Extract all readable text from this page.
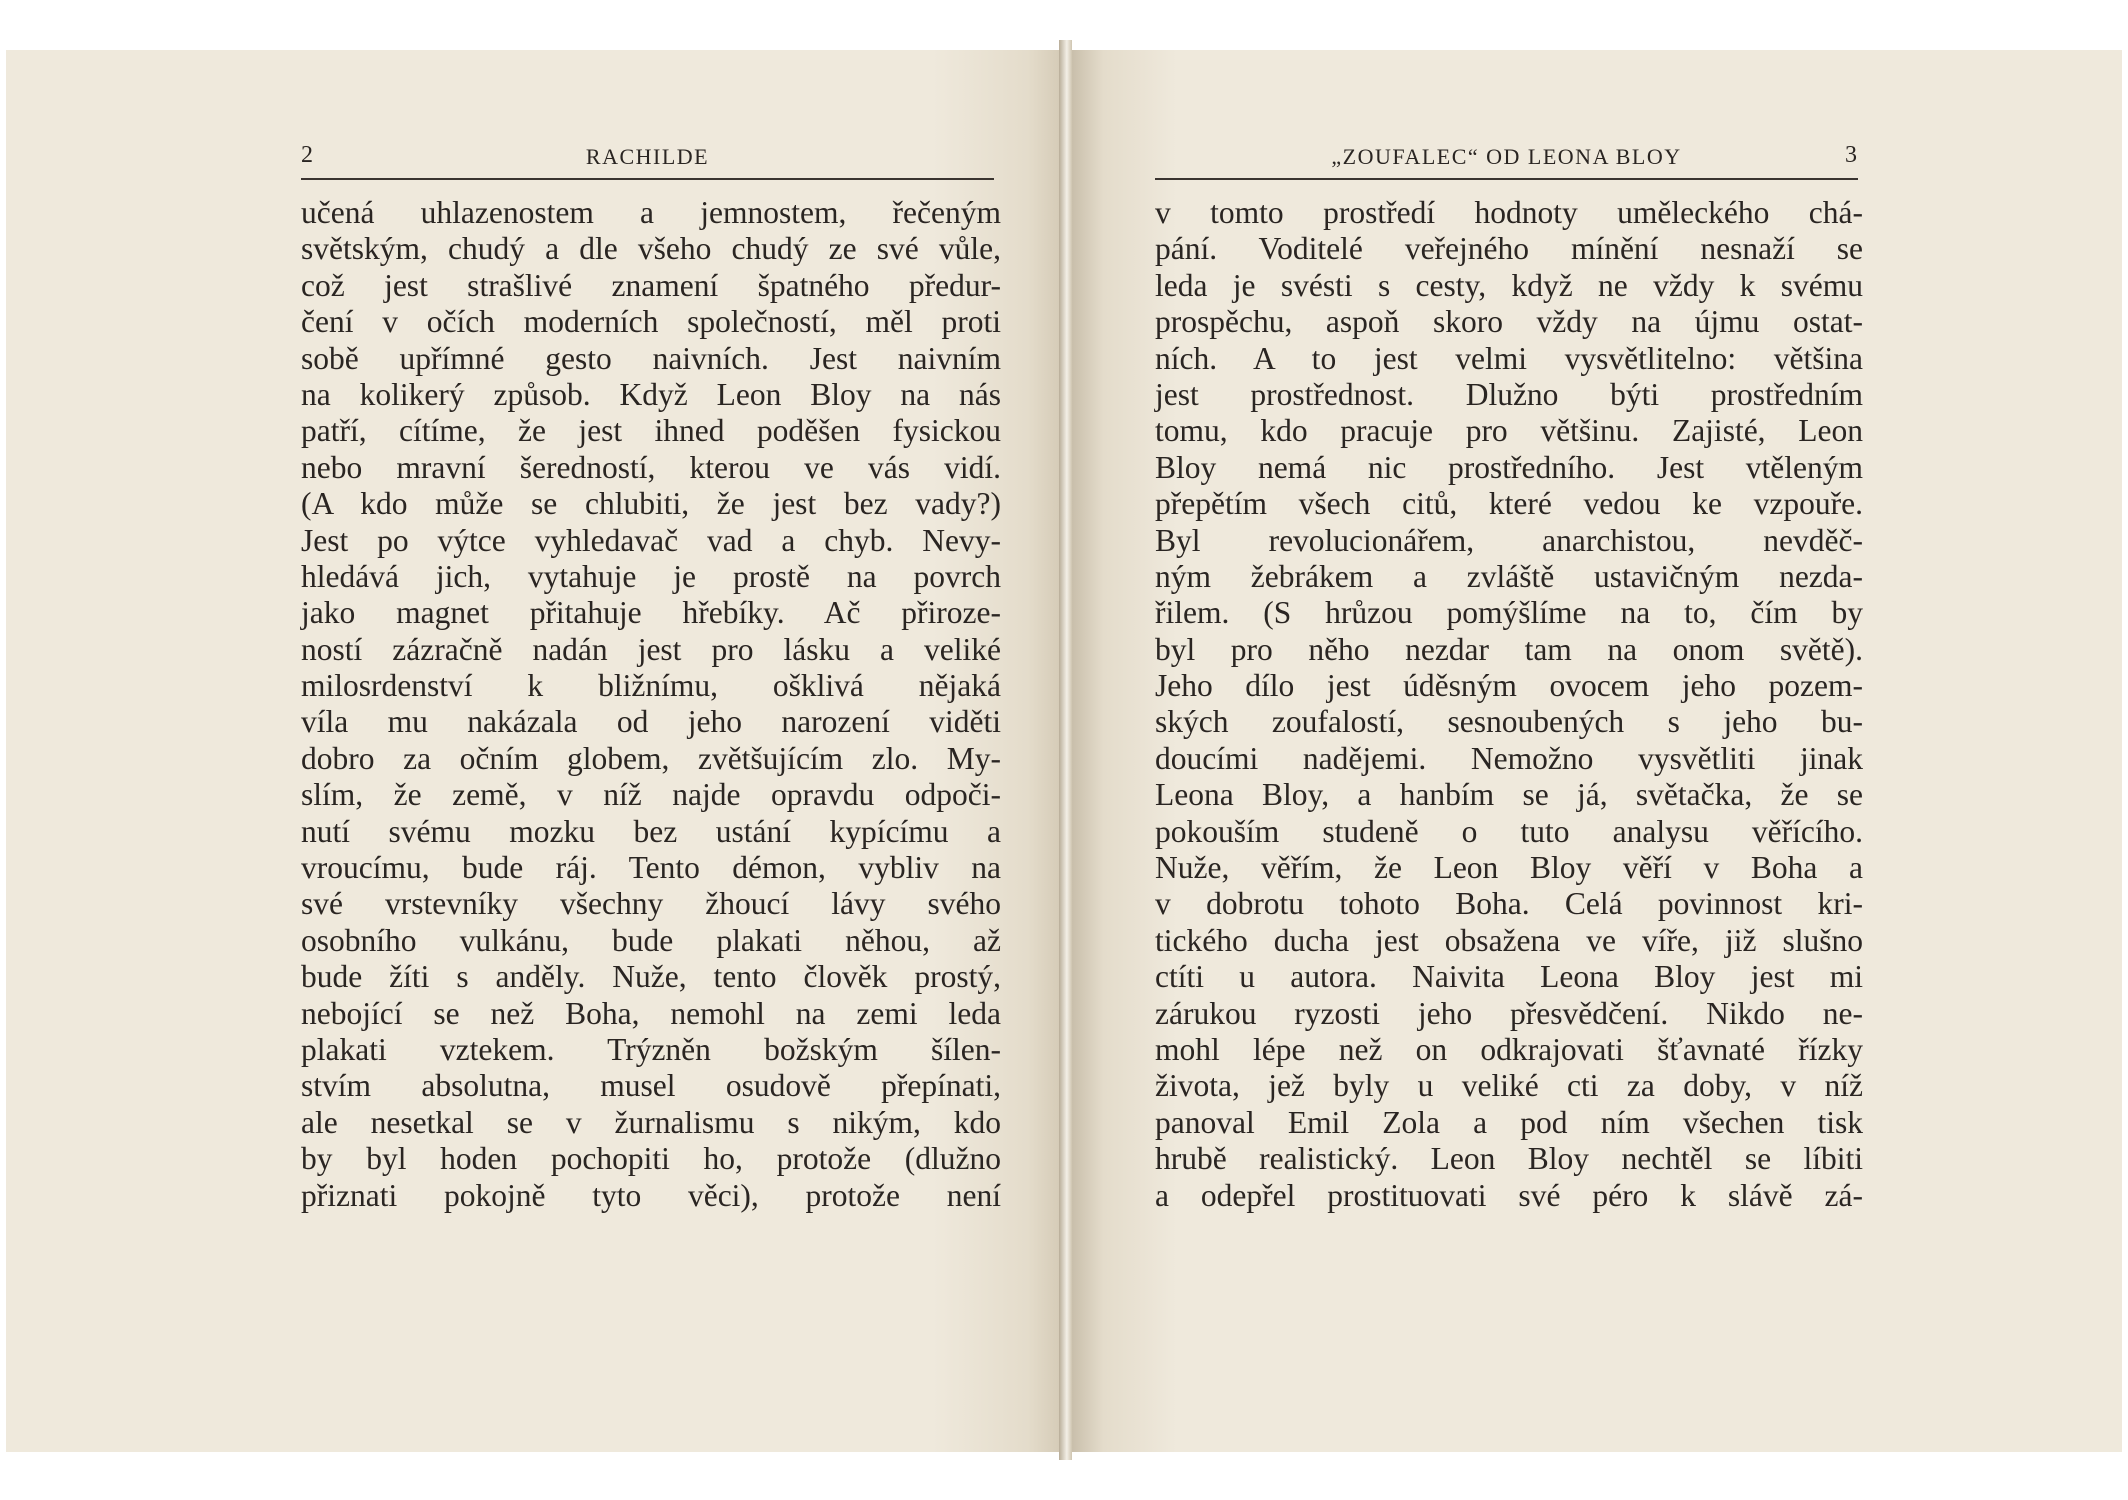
2	RACHILDE
učená uhlazenostem a jemnostem, řečeným
světským, chudý a dle všeho chudý ze své vůle,
což jest strašlivé znamení špatného předur-
čení v očích moderních společností, měl proti
sobě upřímné gesto naivních. Jest naivním
na kolikerý způsob. Když Leon Bloy na nás
patří, cítíme, že jest ihned poděšen fysickou
nebo mravní šeredností, kterou ve vás vidí.
(A kdo může se chlubiti, že jest bez vady?)
Jest po výtce vyhledavač vad a chyb. Nevy-
hledává jich, vytahuje je prostě na povrch
jako magnet přitahuje hřebíky. Ač přiroze-
ností zázračně nadán jest pro lásku a veliké
milosrdenství k bližnímu, ošklivá nějaká
víla mu nakázala od jeho narození viděti
dobro za očním globem, zvětšujícím zlo. My-
slím, že země, v níž najde opravdu odpoči-
nutí svému mozku bez ustání kypícímu a
vroucímu, bude ráj. Tento démon, vybliv na
své vrstevníky všechny žhoucí lávy svého
osobního vulkánu, bude plakati něhou, až
bude žíti s anděly. Nuže, tento člověk prostý,
nebojící se než Boha, nemohl na zemi leda
plakati vztekem. Trýzněn božským šílen-
stvím absolutna, musel osudově přepínati,
ale nesetkal se v žurnalismu s nikým, kdo
by byl hoden pochopiti ho, protože (dlužno
přiznati pokojně tyto věci), protože není
„ZOUFALEC“ OD LEONA BLOY	3
v tomto prostředí hodnoty uměleckého chá-
pání. Voditelé veřejného mínění nesnaží se
leda je svésti s cesty, když ne vždy k svému
prospěchu, aspoň skoro vždy na újmu ostat-
ních. A to jest velmi vysvětlitelno: většina
jest prostřednost. Dlužno býti prostředním
tomu, kdo pracuje pro většinu. Zajisté, Leon
Bloy nemá nic prostředního. Jest vtěleným
přepětím všech citů, které vedou ke vzpouře.
Byl revolucionářem, anarchistou, nevděč-
ným žebrákem a zvláště ustavičným nezda-
řilem. (S hrůzou pomýšlíme na to, čím by
byl pro něho nezdar tam na onom světě).
Jeho dílo jest úděsným ovocem jeho pozem-
ských zoufalostí, sesnoubených s jeho bu-
doucími nadějemi. Nemožno vysvětliti jinak
Leona Bloy, a hanbím se já, světačka, že se
pokouším studeně o tuto analysu věřícího.
Nuže, věřím, že Leon Bloy věří v Boha a
v dobrotu tohoto Boha. Celá povinnost kri-
tického ducha jest obsažena ve víře, již slušno
ctíti u autora. Naivita Leona Bloy jest mi
zárukou ryzosti jeho přesvědčení. Nikdo ne-
mohl lépe než on odkrajovati šťavnaté řízky
života, jež byly u veliké cti za doby, v níž
panoval Emil Zola a pod ním všechen tisk
hrubě realistický. Leon Bloy nechtěl se líbiti
a odepřel prostituovati své péro k slávě zá-
